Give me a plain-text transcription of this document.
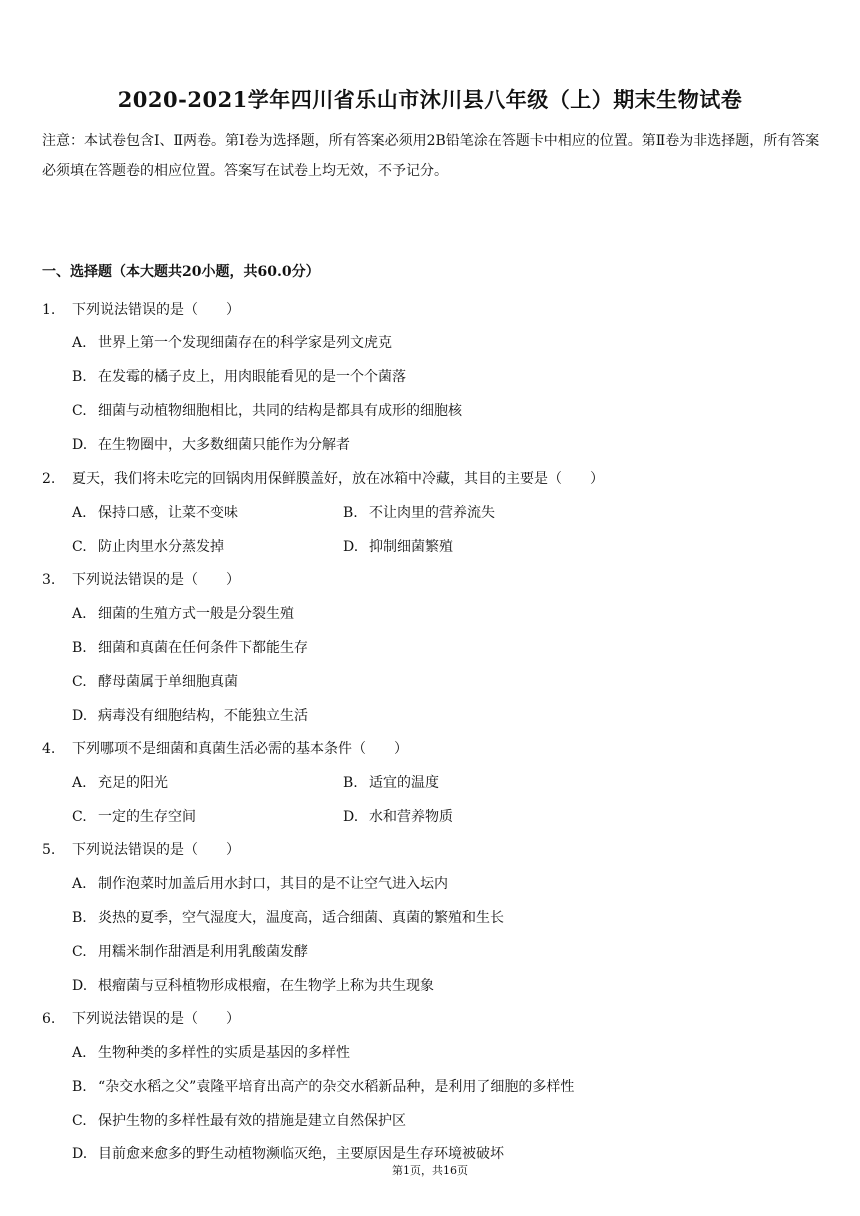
2020-2021学年四川省乐山市沐川县八年级（上）期末生物试卷
注意：本试卷包含Ⅰ、Ⅱ两卷。第Ⅰ卷为选择题，所有答案必须用2B铅笔涂在答题卡中相应的位置。第Ⅱ卷为非选择题，所有答案必须填在答题卷的相应位置。答案写在试卷上均无效，不予记分。
一、选择题（本大题共20小题，共60.0分）
1. 下列说法错误的是（　　）
A. 世界上第一个发现细菌存在的科学家是列文虎克
B. 在发霉的橘子皮上，用肉眼能看见的是一个个菌落
C. 细菌与动植物细胞相比，共同的结构是都具有成形的细胞核
D. 在生物圈中，大多数细菌只能作为分解者
2. 夏天，我们将未吃完的回锅肉用保鲜膜盖好，放在冰箱中冷藏，其目的主要是（　　）
A. 保持口感，让菜不变味	B. 不让肉里的营养流失
C. 防止肉里水分蒸发掉	D. 抑制细菌繁殖
3. 下列说法错误的是（　　）
A. 细菌的生殖方式一般是分裂生殖
B. 细菌和真菌在任何条件下都能生存
C. 酵母菌属于单细胞真菌
D. 病毒没有细胞结构，不能独立生活
4. 下列哪项不是细菌和真菌生活必需的基本条件（　　）
A. 充足的阳光	B. 适宜的温度
C. 一定的生存空间	D. 水和营养物质
5. 下列说法错误的是（　　）
A. 制作泡菜时加盖后用水封口，其目的是不让空气进入坛内
B. 炎热的夏季，空气湿度大，温度高，适合细菌、真菌的繁殖和生长
C. 用糯米制作甜酒是利用乳酸菌发酵
D. 根瘤菌与豆科植物形成根瘤，在生物学上称为共生现象
6. 下列说法错误的是（　　）
A. 生物种类的多样性的实质是基因的多样性
B. “杂交水稻之父”袁隆平培育出高产的杂交水稻新品种，是利用了细胞的多样性
C. 保护生物的多样性最有效的措施是建立自然保护区
D. 目前愈来愈多的野生动植物濒临灭绝，主要原因是生存环境被破坏
第1页，共16页
